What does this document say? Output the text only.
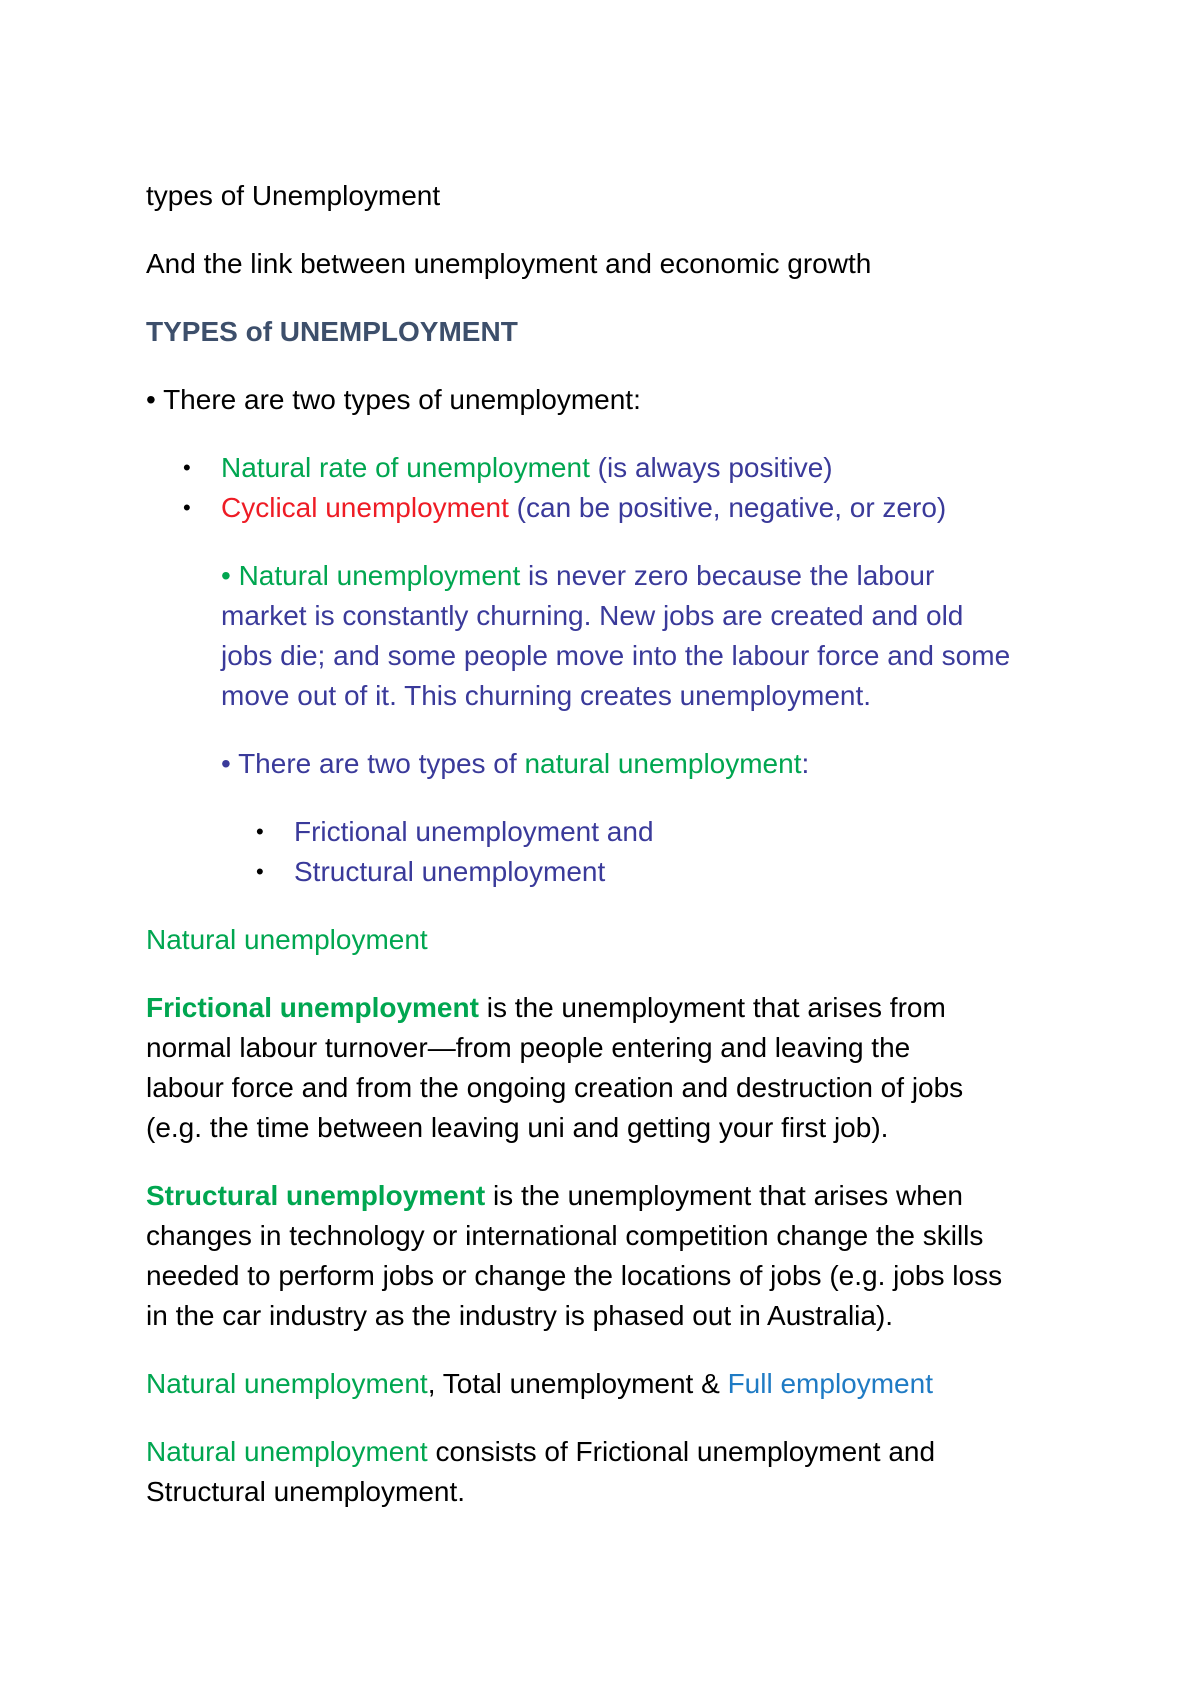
types of Unemployment

And the link between unemployment and economic growth

TYPES of UNEMPLOYMENT

• There are two types of unemployment:

• Natural rate of unemployment (is always positive)

• Cyclical unemployment (can be positive, negative, or zero)

• Natural unemployment is never zero because the labour

market is constantly churning. New jobs are created and old

jobs die; and some people move into the labour force and some

move out of it. This churning creates unemployment.

• There are two types of natural unemployment:

• Frictional unemployment and

• Structural unemployment

Natural unemployment

Frictional unemployment is the unemployment that arises from

normal labour turnover—from people entering and leaving the

labour force and from the ongoing creation and destruction of jobs

(e.g. the time between leaving uni and getting your first job).

Structural unemployment is the unemployment that arises when

changes in technology or international competition change the skills

needed to perform jobs or change the locations of jobs (e.g. jobs loss

in the car industry as the industry is phased out in Australia).

Natural unemployment, Total unemployment & Full employment

Natural unemployment consists of Frictional unemployment and

Structural unemployment.
